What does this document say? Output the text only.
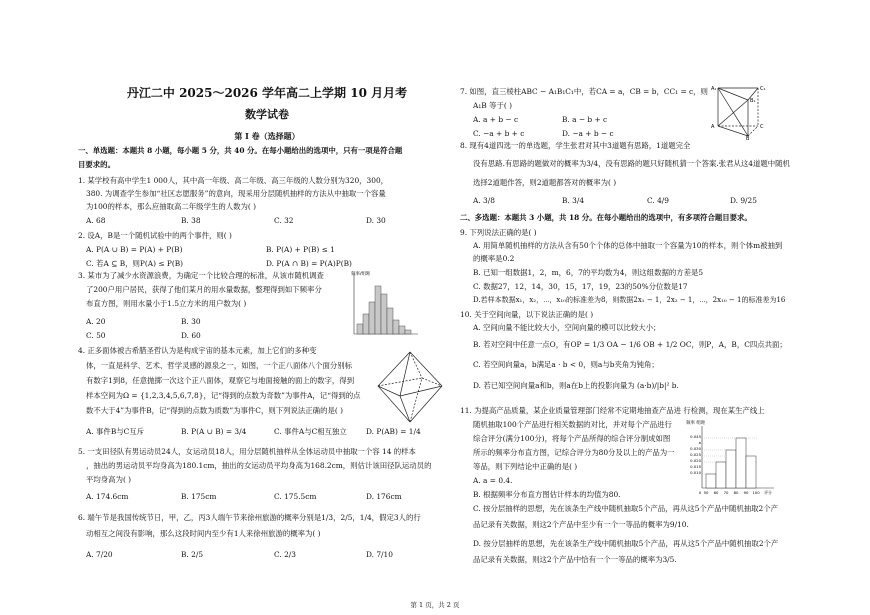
丹江二中 2025～2026 学年高二上学期 10 月月考
数学试卷
第 I 卷（选择题）
一、单选题：本题共 8 小题，每小题 5 分，共 40 分。在每小题给出的选项中，只有一项是符合题
目要求的。
1. 某学校有高中学生1 000人，其中高一年级、高二年级、高三年级的人数分别为320，300，
380. 为调查学生参加“社区志愿服务”的意向，现采用分层随机抽样的方法从中抽取一个容量
为100的样本，那么应抽取高二年级学生的人数为( )
A. 68	B. 38	C. 32	D. 30
2. 设A，B是一个随机试验中的两个事件，则( )
A. P(A ∪ B) = P(A) + P(B)	B. P(A) + P(B) ≤ 1
C. 若A ⊆ B，则P(A) ≤ P(B)	D. P(A ∩ B) = P(A)P(B)
3. 某市为了减少水资源浪费，为确定一个比较合理的标准，从该市随机调查
了200户用户居民，获得了他们某月的用水量数据，整理得到如下频率分
布直方图，则用水量小于1.5立方米的用户数为( )
A. 20	B. 30
C. 50	D. 60
频率/组距
4. 正多面体被古希腊圣哲认为是构成宇宙的基本元素，加上它们的多种变
体，一直是科学、艺术、哲学灵感的源泉之一，如图，一个正八面体八个面分别标
有数字1到8，任意抛掷一次这个正八面体，观察它与地面接触的面上的数字，得到
样本空间为Ω = {1,2,3,4,5,6,7,8}，记“得到的点数为奇数”为事件A，记“得到的点
数不大于4”为事件B，记“得到的点数为质数”为事件C，则下列说法正确的是( )
A. 事件B与C互斥	B. P(A ∪ B) = 3/4	C. 事件A与C相互独立	D. P(AB) = 1/4
5. 一支田径队有男运动员24人，女运动员18人，用分层随机抽样从全体运动员中抽取一个容 14 的样本
，抽出的男运动员平均身高为180.1cm，抽出的女运动员平均身高为168.2cm，则估计该田径队运动员的
平均身高为( )
A. 174.6cm	B. 175cm	C. 175.5cm	D. 176cm
6. 端午节是我国传统节日，甲，乙，丙3人端午节来徐州旅游的概率分别是1/3，2/5，1/4，假定3人的行
动相互之间没有影响，那么这段时间内至少有1人来徐州旅游的概率为( )
A. 7/20	B. 2/5	C. 2/3	D. 7/10
7. 如图，直三棱柱ABC − A₁B₁C₁中，若CA = a，CB = b，CC₁ = c，则
A₁B 等于( )
A. a + b − c	B. a − b + c
C. −a + b + c	D. −a + b − c
A₁	C₁
B₁
A	C
B
8. 现有4道四选一的单选题，学生张君对其中3道题有思路，1道题完全
没有思路.有思路的题做对的概率为3/4，没有思路的题只好随机猜一个答案.张君从这4道题中随机
选择2道题作答，则2道题都答对的概率为( )
A. 3/8	B. 3/4	C. 4/9	D. 9/25
二、多选题：本题共 3 小题，共 18 分。在每小题给出的选项中，有多项符合题目要求。
9. 下列说法正确的是( )
A. 用简单随机抽样的方法从含有50个个体的总体中抽取一个容量为10的样本，则个体m被抽到
的概率是0.2
B. 已知一组数据1，2，m，6，7的平均数为4，则这组数据的方差是5
C. 数据27，12，14，30，15，17，19，23的50%分位数是17
D.若样本数据x₁，x₂，⋯，x₁₀的标准差为8，则数据2x₁ − 1，2x₂ − 1，⋯，2x₁₀ − 1的标准差为16
10. 关于空间向量，以下说法正确的是( )
A. 空间向量不能比较大小，空间向量的模可以比较大小；
B. 若对空间中任意一点O，有OP = 1/3 OA − 1/6 OB + 1/2 OC，则P，A，B，C四点共面；
C. 若空间向量a，b满足a · b < 0，则a与b夹角为钝角；
D. 若已知空间向量a和b，则a在b上的投影向量为 (a·b)/|b|² b.
11. 为提高产品质量，某企业质量管理部门经常不定期地抽查产品进 行检测，现在某生产线上
随机抽取100个产品进行相关数据的对比，并对每个产品进行
综合评分(满分100分)，将每个产品所得的综合评分制成如图
所示的频率分布直方图，记综合评分为80分及以上的产品为一
等品，则下列结论中正确的是( )
A. a = 0.4.
B. 根据频率分布直方图估计样本的均值为80.
C. 按分层抽样的思想，先在该条生产线中随机抽取5个产品，再从这5个产品中随机抽取2个产
品记录有关数据，则这2个产品中至少有一个一等品的概率为9/10.
D. 按分层抽样的思想，先在该条生产线中随机抽取5个产品，再从这5个产品中随机抽取2个产
品记录有关数据，则这2个产品中恰有一个一等品的概率为3/5.
频率 组距
0.045
0.030
0.025
0.020
0.015
0.010
a
0 50 60 70 80 90 100 评分
第 1 页，共 2 页
